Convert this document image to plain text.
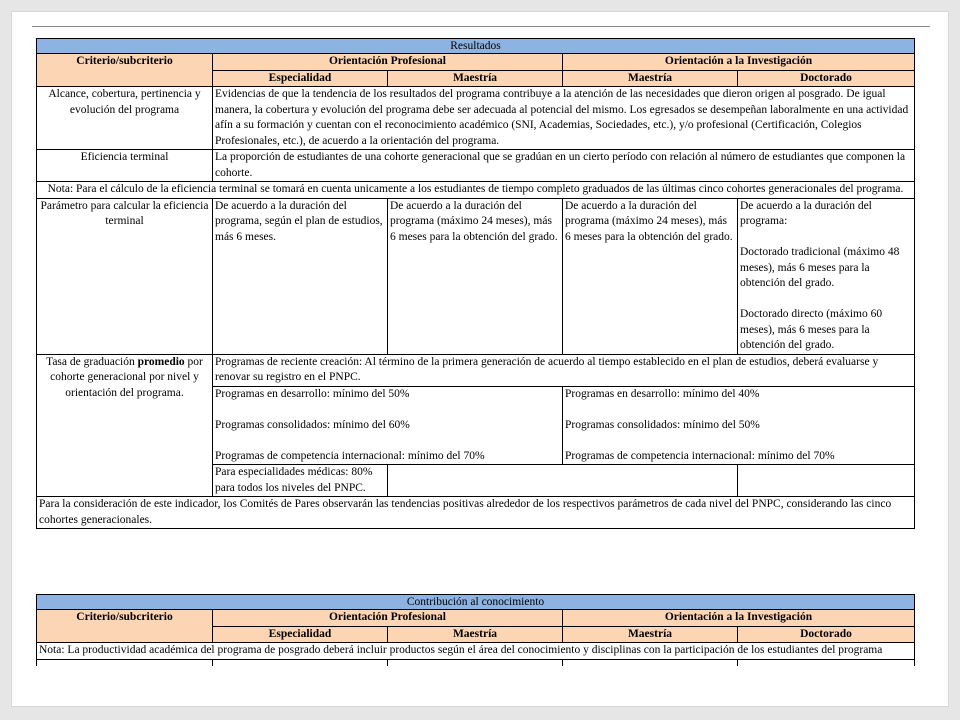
Resultados				
Criterio/subcriterio	Orientación Profesional		Orientación a la Investigación	
	Especialidad	Maestría	Maestría	Doctorado
Alcance, cobertura, pertinencia y evolución del programa	Evidencias de que la tendencia de los resultados del programa contribuye a la atención de las necesidades que dieron origen al posgrado. De igual manera, la cobertura y evolución del programa debe ser adecuada al potencial del mismo. Los egresados se desempeñan laboralmente en una actividad afín a su formación y cuentan con el reconocimiento académico (SNI, Academias, Sociedades, etc.), y/o profesional (Certificación, Colegios Profesionales, etc.), de acuerdo a la orientación del programa.			
Eficiencia terminal	La proporción de estudiantes de una cohorte generacional que se gradúan en un cierto período con relación al número de estudiantes que componen la cohorte.			
Nota: Para el cálculo de la eficiencia terminal se tomará en cuenta unicamente a los estudiantes de tiempo completo graduados de las últimas cinco cohortes generacionales del programa.				
Parámetro para calcular la eficiencia terminal	De acuerdo a la duración del programa, según el plan de estudios, más 6 meses.	De acuerdo a la duración del programa (máximo 24 meses), más 6 meses para la obtención del grado.	De acuerdo a la duración del programa (máximo 24 meses), más 6 meses para la obtención del grado.	De acuerdo a la duración del programa:

Doctorado tradicional (máximo 48 meses), más 6 meses para la obtención del grado.

Doctorado directo (máximo 60 meses), más 6 meses para la obtención del grado.
Tasa de graduación promedio por cohorte generacional por nivel y orientación del programa.	Programas de reciente creación: Al término de la primera generación de acuerdo al tiempo establecido en el plan de estudios, deberá evaluarse y renovar su registro en el PNPC.			
	Programas en desarrollo: mínimo del 50%

Programas consolidados: mínimo del 60%

Programas de competencia internacional: mínimo del 70%		Programas en desarrollo: mínimo del 40%

Programas consolidados: mínimo del 50%

Programas de competencia internacional: mínimo del 70%	
	Para especialidades médicas: 80% para todos los niveles del PNPC.			
Para la consideración de este indicador, los Comités de Pares observarán las tendencias positivas alrededor de los respectivos parámetros de cada nivel del PNPC, considerando las cinco cohortes generacionales.				
Contribución al conocimiento				
Criterio/subcriterio	Orientación Profesional		Orientación a la Investigación	
	Especialidad	Maestría	Maestría	Doctorado
Nota: La productividad académica del programa de posgrado deberá incluir productos según el área del conocimiento y disciplinas con la participación de los estudiantes del programa				
